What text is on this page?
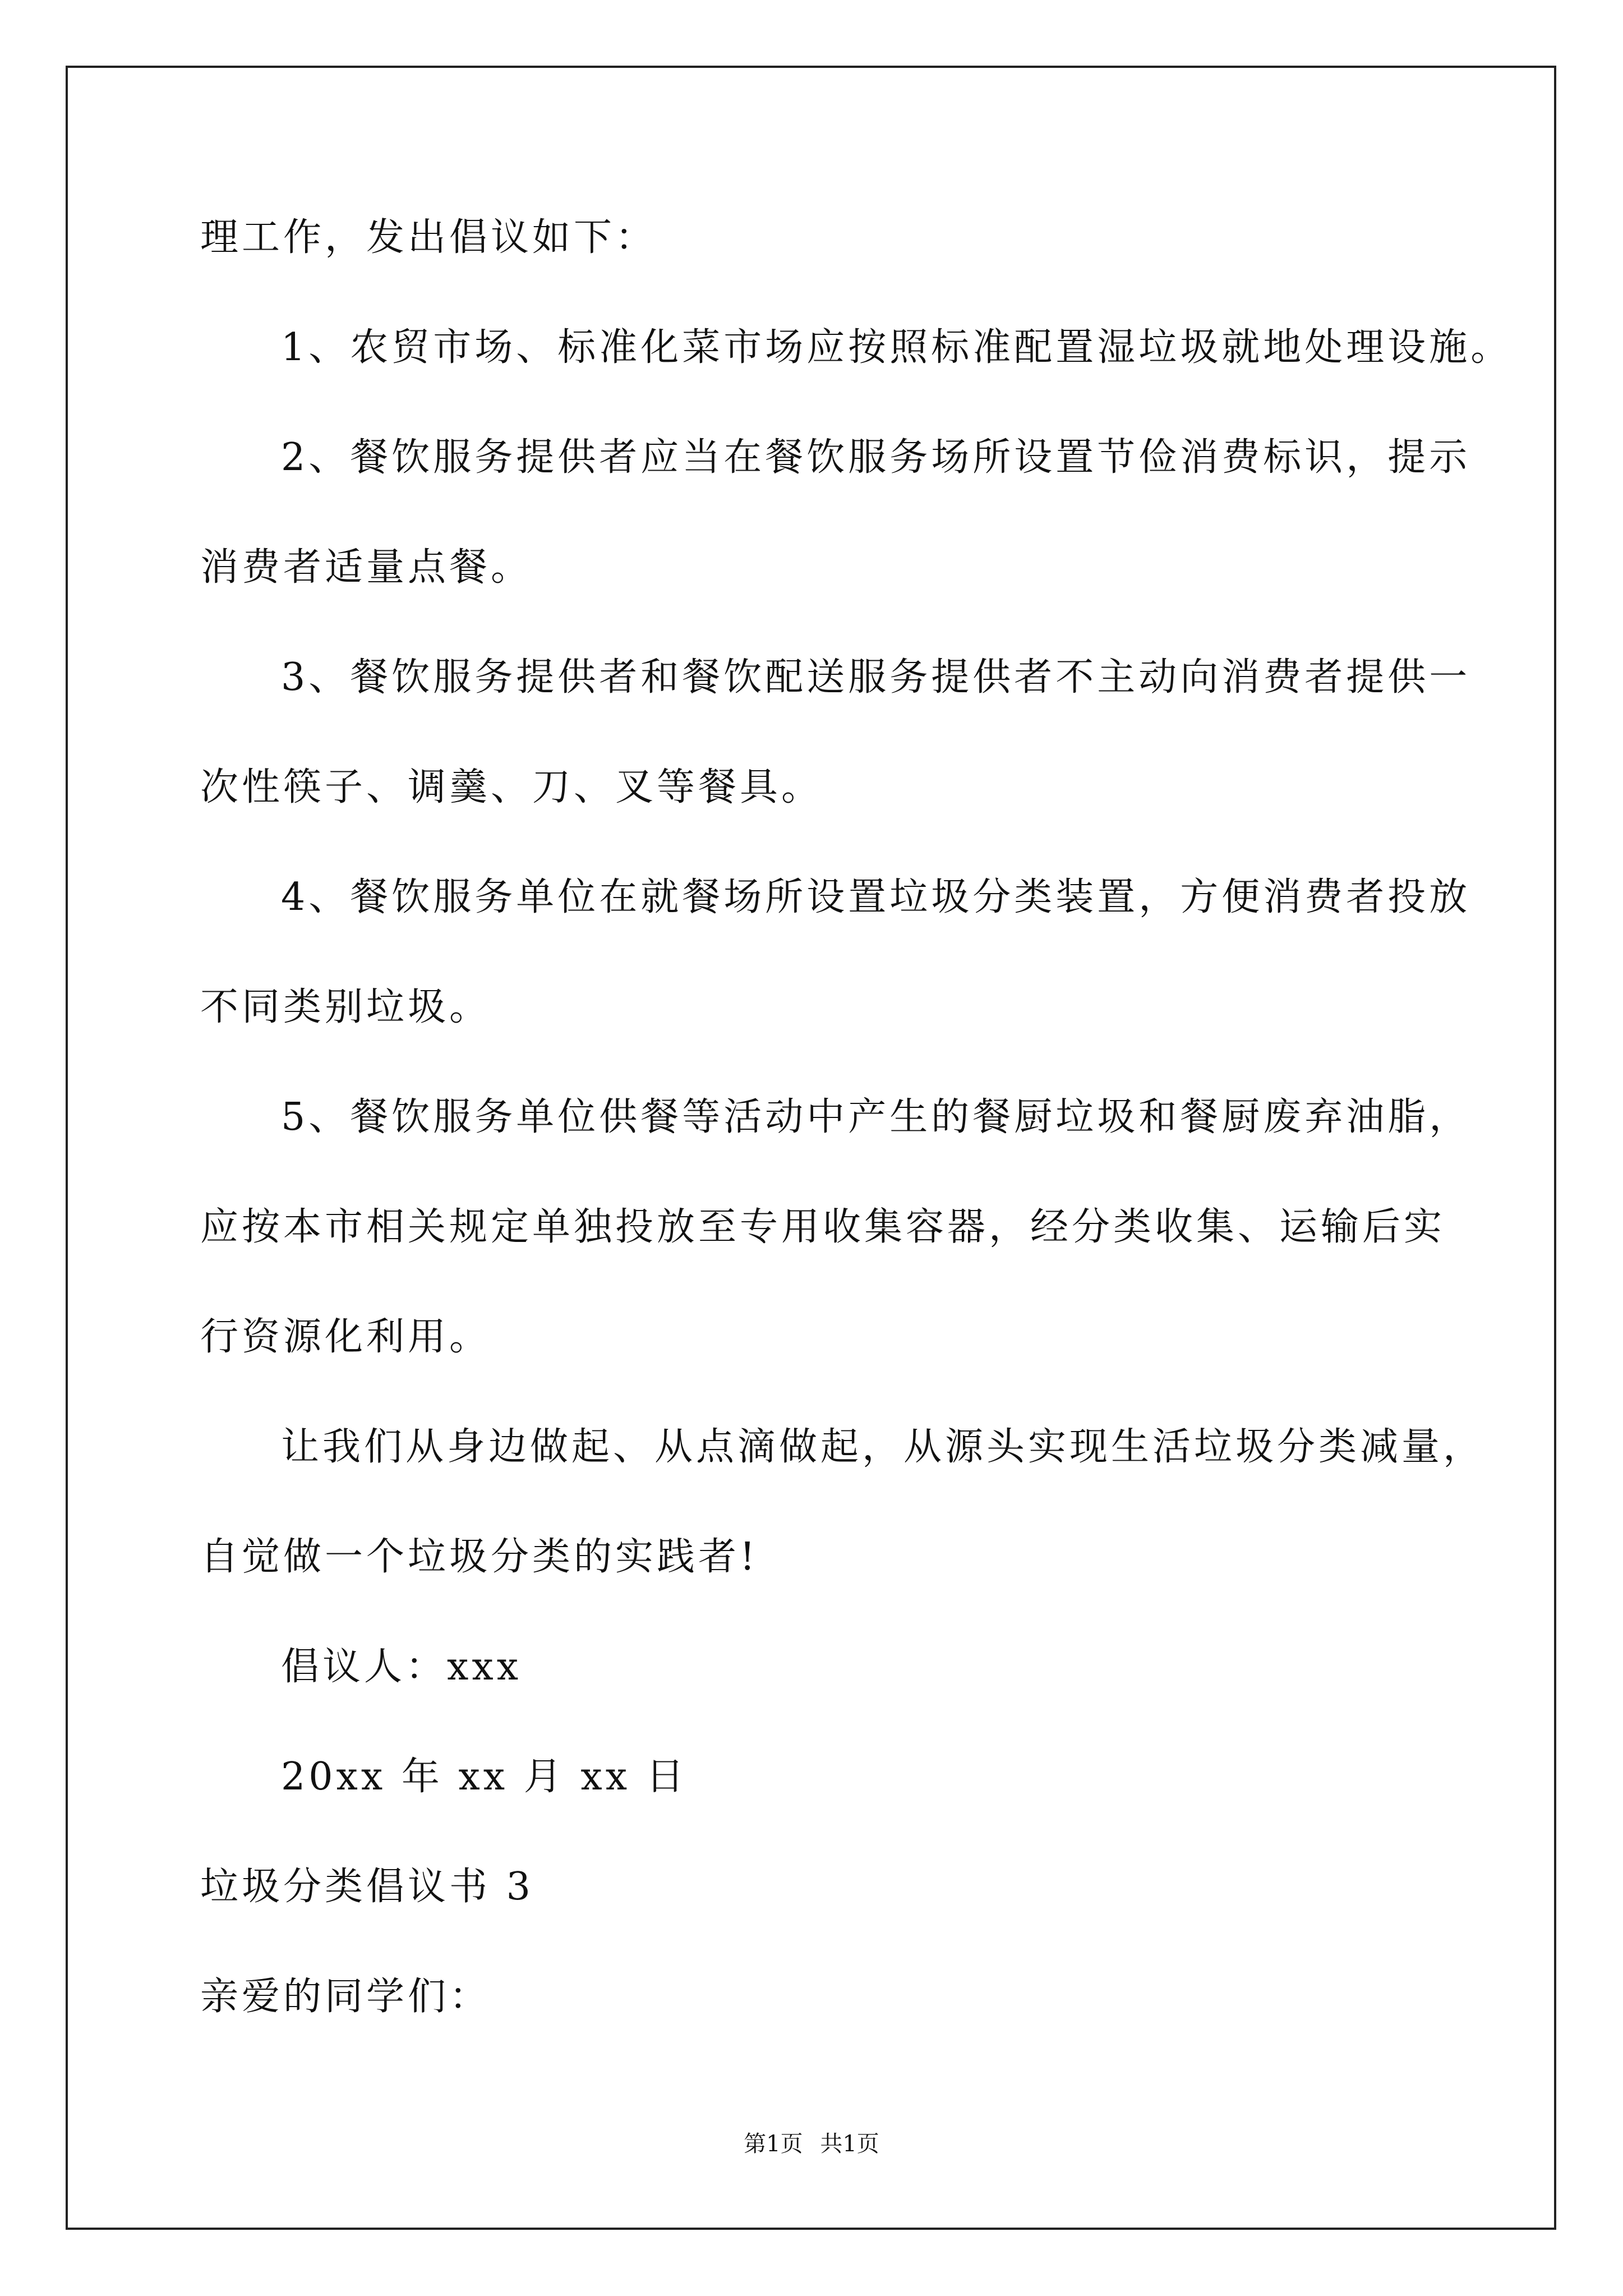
理工作，发出倡议如下：
1、农贸市场、标准化菜市场应按照标准配置湿垃圾就地处理设施。
2、餐饮服务提供者应当在餐饮服务场所设置节俭消费标识，提示
消费者适量点餐。
3、餐饮服务提供者和餐饮配送服务提供者不主动向消费者提供一
次性筷子、调羹、刀、叉等餐具。
4、餐饮服务单位在就餐场所设置垃圾分类装置，方便消费者投放
不同类别垃圾。
5、餐饮服务单位供餐等活动中产生的餐厨垃圾和餐厨废弃油脂，
应按本市相关规定单独投放至专用收集容器，经分类收集、运输后实
行资源化利用。
让我们从身边做起、从点滴做起，从源头实现生活垃圾分类减量，
自觉做一个垃圾分类的实践者!
倡议人：xxx
20xx 年 xx 月 xx 日
垃圾分类倡议书 3
亲爱的同学们：
第1页 共1页
